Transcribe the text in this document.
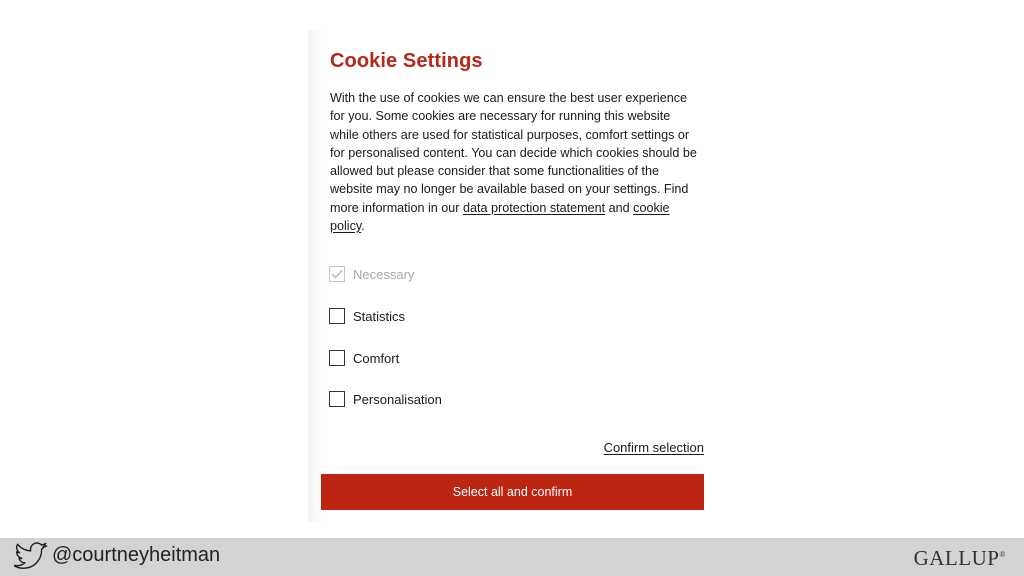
Cookie Settings

With the use of cookies we can ensure the best user experience for you. Some cookies are necessary for running this website while others are used for statistical purposes, comfort settings or for personalised content. You can decide which cookies should be allowed but please consider that some functionalities of the website may no longer be available based on your settings. Find more information in our data protection statement and cookie policy.

Necessary
Statistics
Comfort
Personalisation
Confirm selection
Select all and confirm
@courtneyheitman	GALLUP®
